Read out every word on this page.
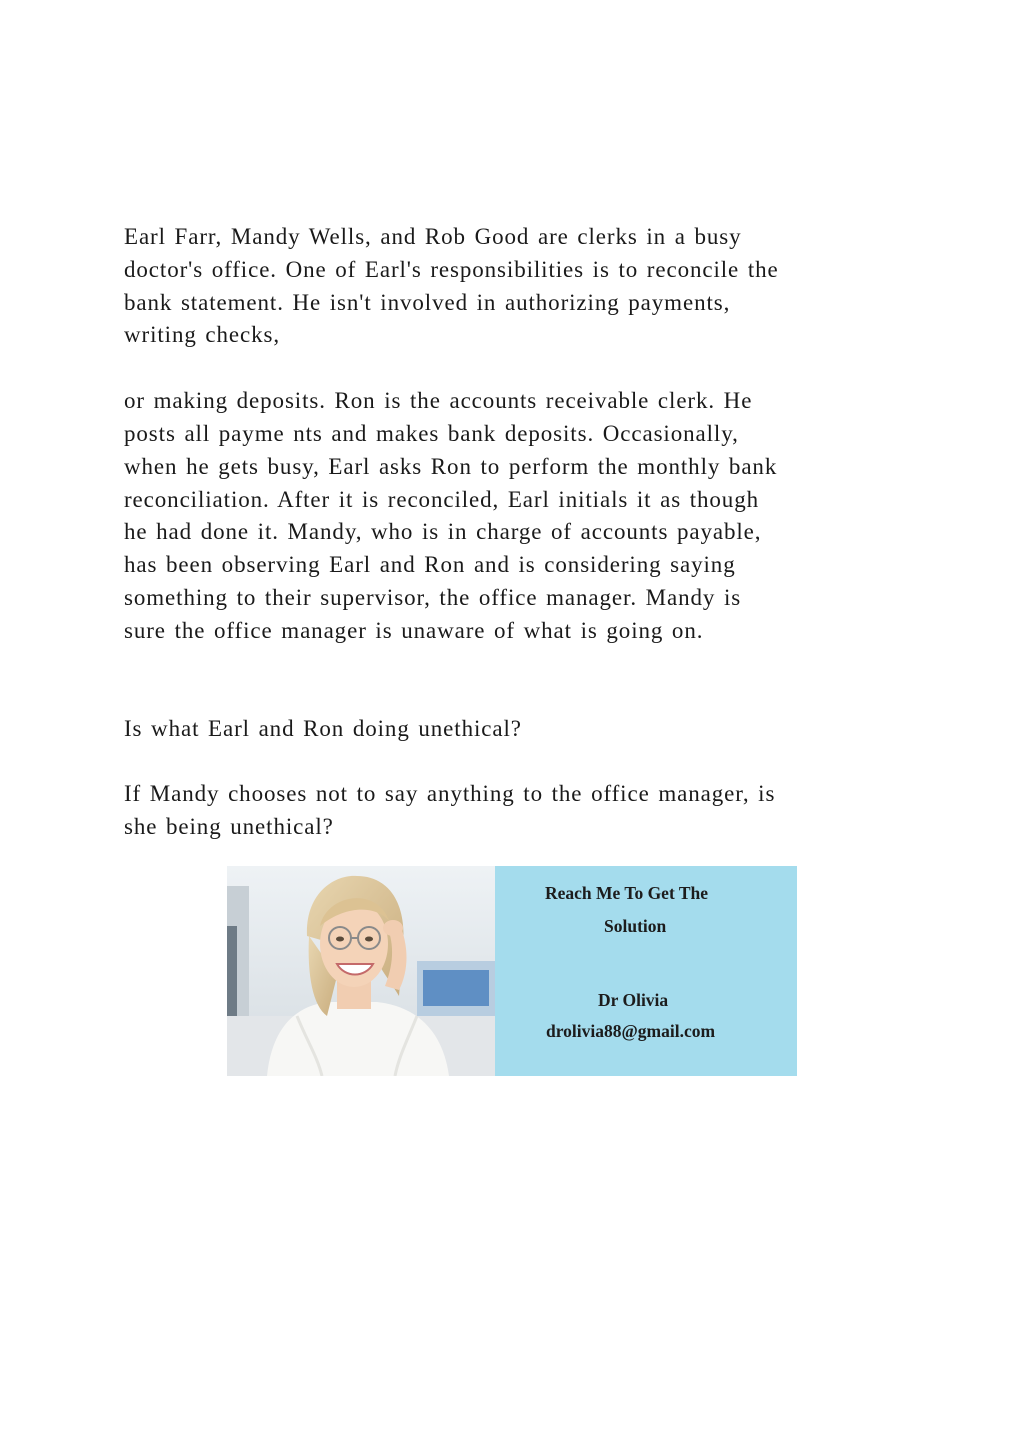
Earl Farr, Mandy Wells, and Rob Good are clerks in a busy
doctor's office. One of Earl's responsibilities is to reconcile the
bank statement. He isn't involved in authorizing payments,
writing checks,

or making deposits. Ron is the accounts receivable clerk. He
posts all payme nts and makes bank deposits. Occasionally,
when he gets busy, Earl asks Ron to perform the monthly bank
reconciliation. After it is reconciled, Earl initials it as though
he had done it. Mandy, who is in charge of accounts payable,
has been observing Earl and Ron and is considering saying
something to their supervisor, the office manager. Mandy is
sure the office manager is unaware of what is going on.

Is what Earl and Ron doing unethical?

If Mandy chooses not to say anything to the office manager, is
she being unethical?

Reach Me To Get The
Solution
Dr Olivia
drolivia88@gmail.com
